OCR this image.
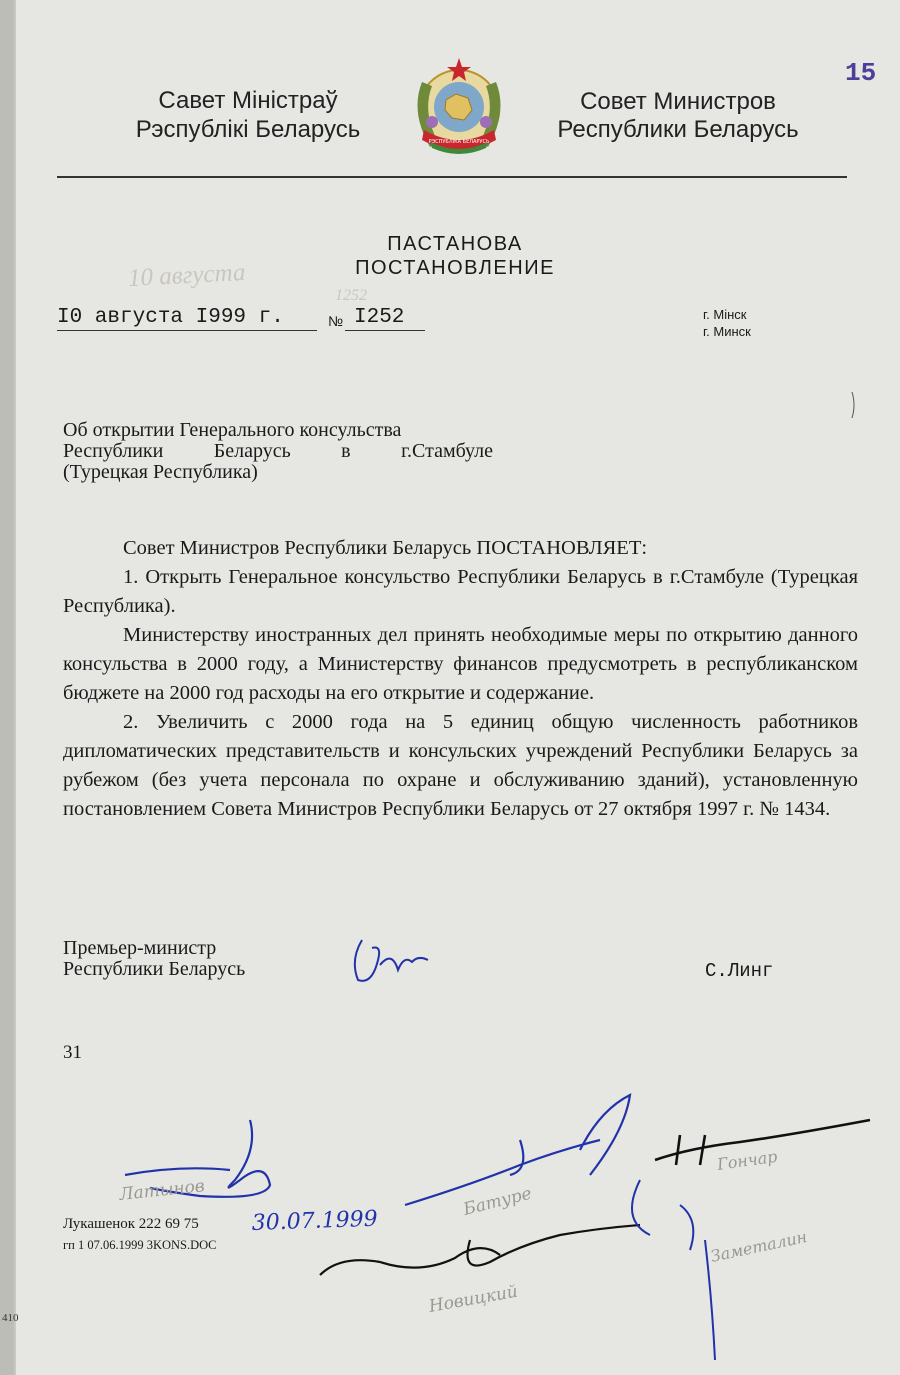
15
Савет Міністраў
Рэспублікі Беларусь	РЭСПУБЛІКА БЕЛАРУСЬ
Совет Министров
Республики Беларусь
ПАСТАНОВА
ПОСТАНОВЛЕНИЕ
10 августа
1252
I0 августа I999 г.	№ I252	г. Мінск
г. Минск
Об открытии Генерального консульства
Республики	Беларусь	в	г.Стамбуле
(Турецкая Республика)

Совет Министров Республики Беларусь ПОСТАНОВЛЯЕТ:

1. Открыть Генеральное консульство Республики Беларусь в г.Стамбуле (Турецкая Республика).

Министерству иностранных дел принять необходимые меры по открытию данного консульства в 2000 году, а Министерству финансов предусмотреть в республиканском бюджете на 2000 год расходы на его открытие и содержание.

2. Увеличить с 2000 года на 5 единиц общую численность работников дипломатических представительств и консульских учреждений Республики Беларусь за рубежом (без учета персонала по охране и обслуживанию зданий), установленную постановлением Совета Министров Республики Беларусь от 27 октября 1997 г. № 1434.

Премьер-министр
Республики Беларусь	С.Линг
31
Лукашенок 222 69 75
гп 1 07.06.1999 3KONS.DOC
410
Латынов
30.07.1999
Батуре
Новицкий
Гончар
Заметалин
